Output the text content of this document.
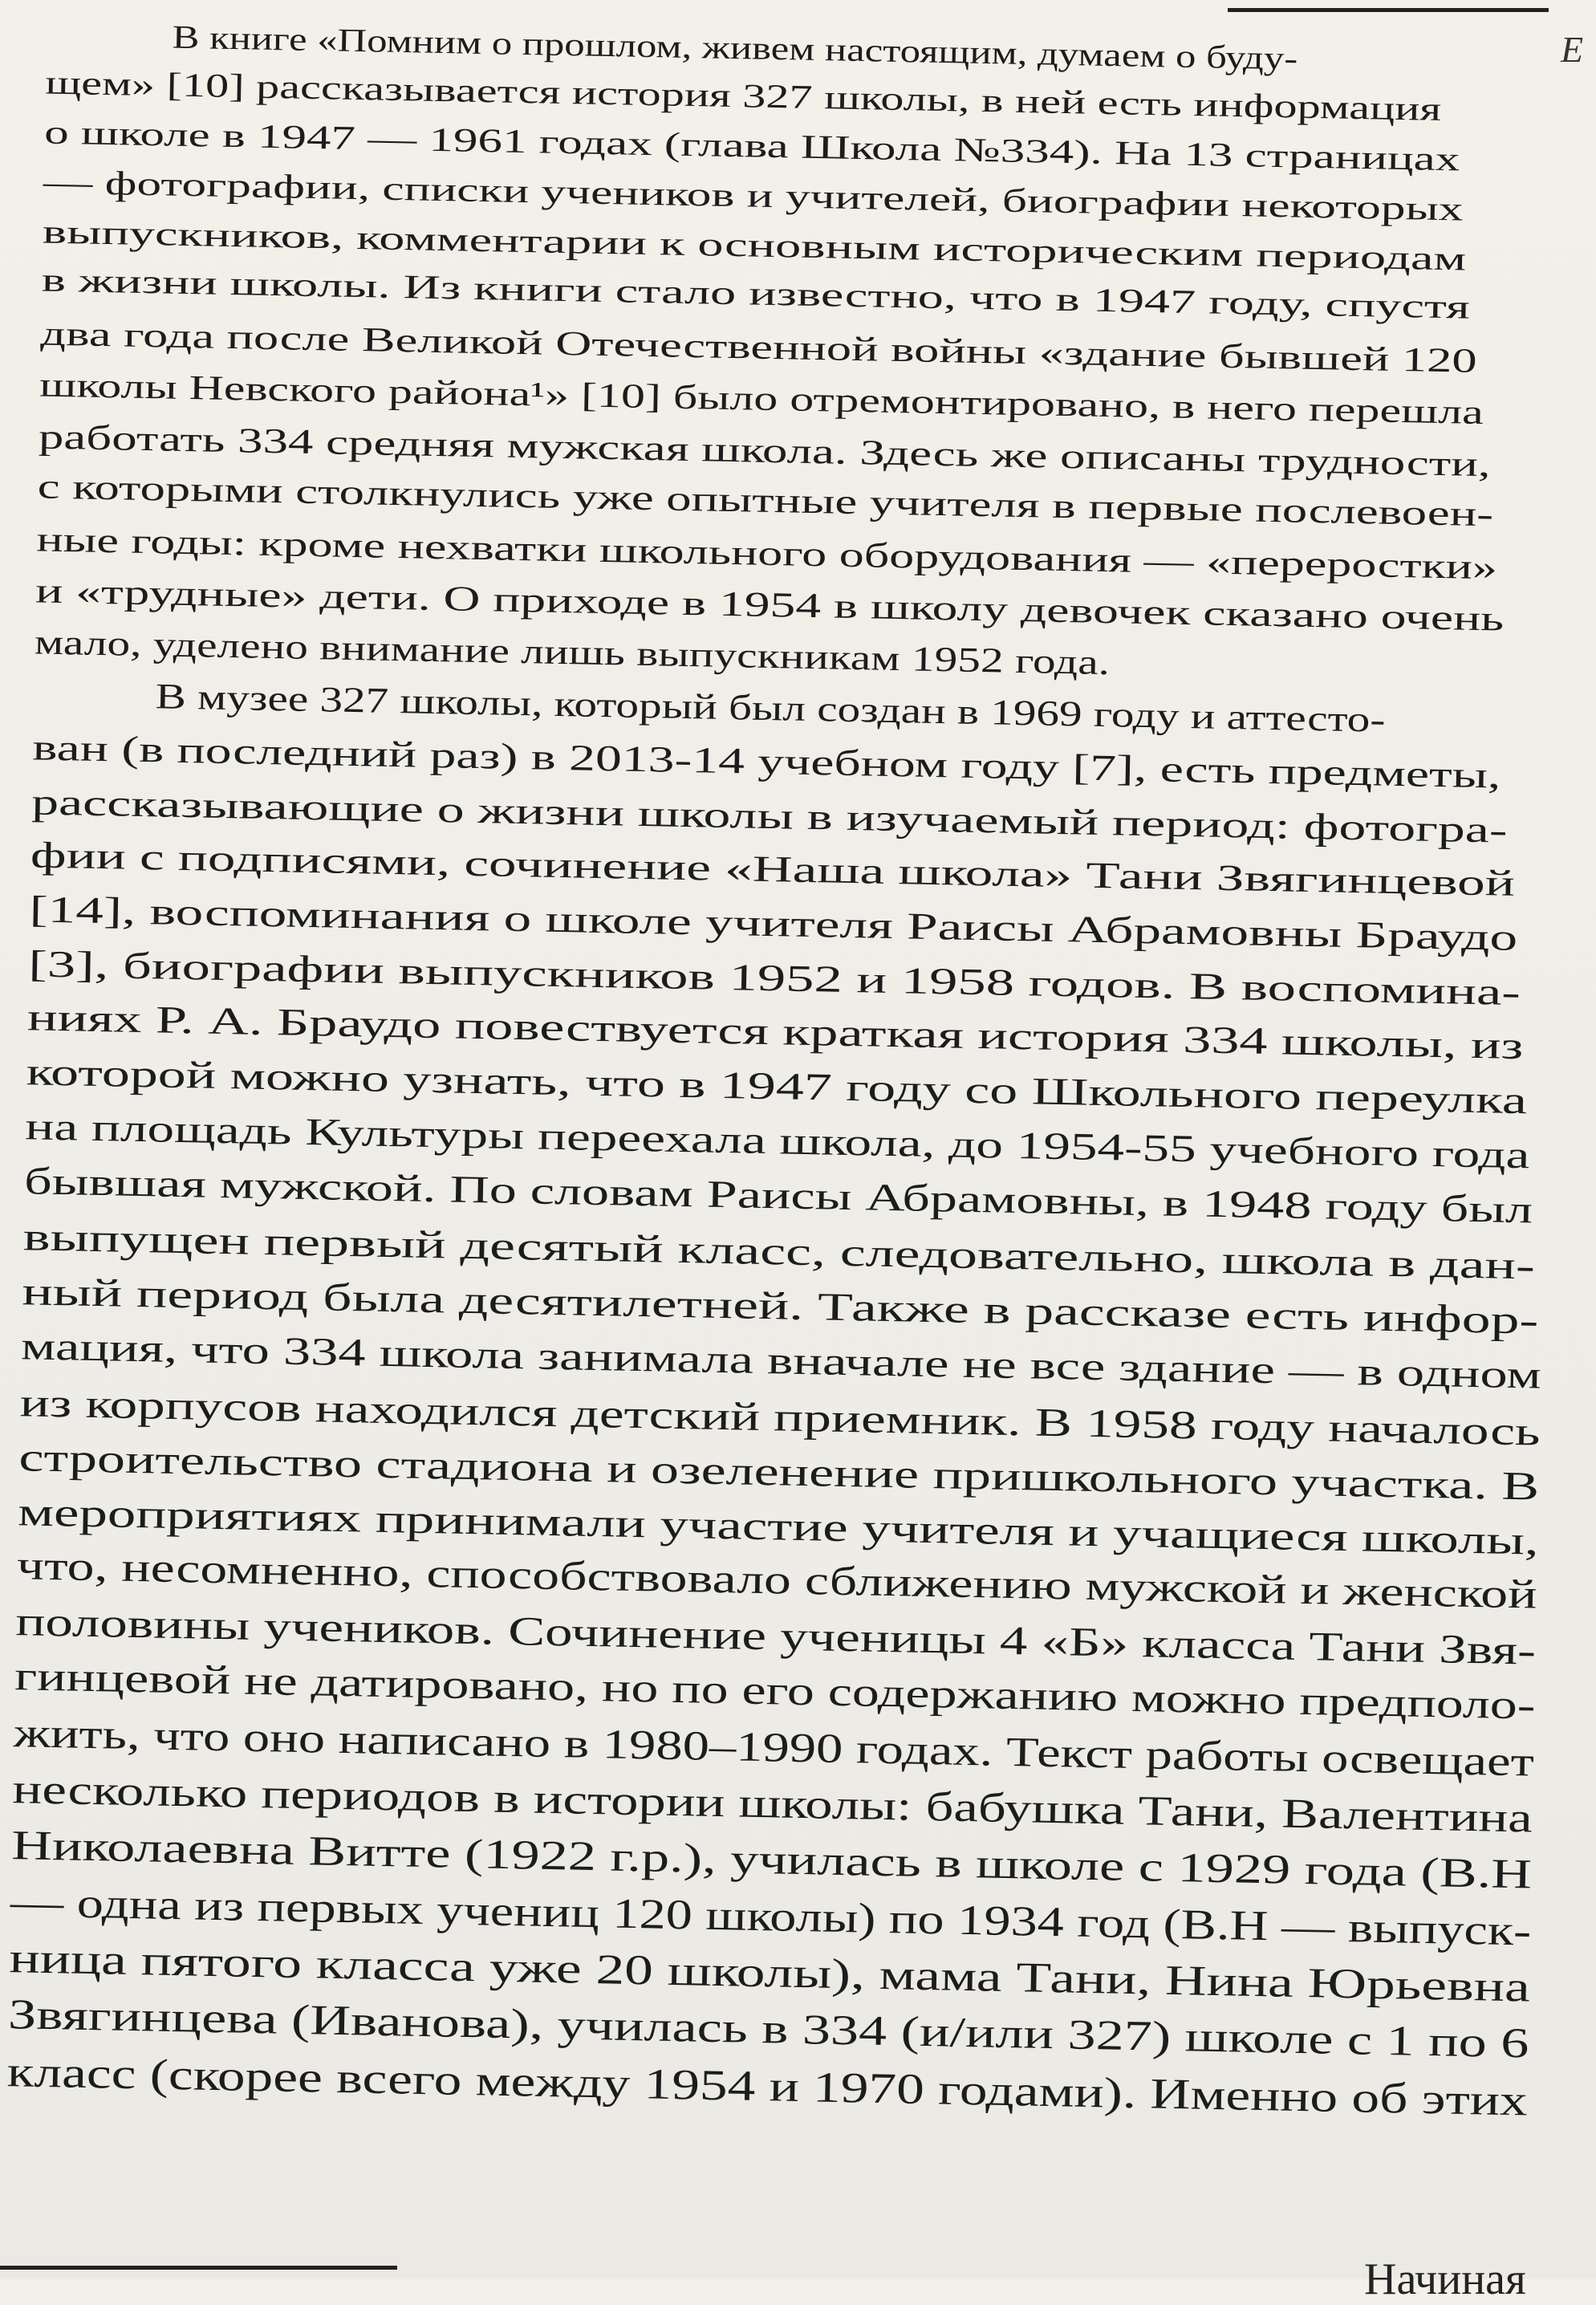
Е
В книге «Помним о прошлом, живем настоящим, думаем о буду-
щем» [10] рассказывается история 327 школы, в ней есть информация
о школе в 1947 — 1961 годах (глава Школа №334). На 13 страницах
— фотографии, списки учеников и учителей, биографии некоторых
выпускников, комментарии к основным историческим периодам
в жизни школы. Из книги стало известно, что в 1947 году, спустя
два года после Великой Отечественной войны «здание бывшей 120
школы Невского района¹» [10] было отремонтировано, в него перешла
работать 334 средняя мужская школа. Здесь же описаны трудности,
с которыми столкнулись уже опытные учителя в первые послевоен-
ные годы: кроме нехватки школьного оборудования — «переростки»
и «трудные» дети. О приходе в 1954 в школу девочек сказано очень
мало, уделено внимание лишь выпускникам 1952 года.
В музее 327 школы, который был создан в 1969 году и аттесто-
ван (в последний раз) в 2013-14 учебном году [7], есть предметы,
рассказывающие о жизни школы в изучаемый период: фотогра-
фии с подписями, сочинение «Наша школа» Тани Звягинцевой
[14], воспоминания о школе учителя Раисы Абрамовны Браудо
[3], биографии выпускников 1952 и 1958 годов. В воспомина-
ниях Р. А. Браудо повествуется краткая история 334 школы, из
которой можно узнать, что в 1947 году со Школьного переулка
на площадь Культуры переехала школа, до 1954-55 учебного года
бывшая мужской. По словам Раисы Абрамовны, в 1948 году был
выпущен первый десятый класс, следовательно, школа в дан-
ный период была десятилетней. Также в рассказе есть инфор-
мация, что 334 школа занимала вначале не все здание — в одном
из корпусов находился детский приемник. В 1958 году началось
строительство стадиона и озеленение пришкольного участка. В
мероприятиях принимали участие учителя и учащиеся школы,
что, несомненно, способствовало сближению мужской и женской
половины учеников. Сочинение ученицы 4 «Б» класса Тани Звя-
гинцевой не датировано, но по его содержанию можно предполо-
жить, что оно написано в 1980–1990 годах. Текст работы освещает
несколько периодов в истории школы: бабушка Тани, Валентина
Николаевна Витте (1922 г.р.), училась в школе с 1929 года (В.Н
— одна из первых учениц 120 школы) по 1934 год (В.Н — выпуск-
ница пятого класса уже 20 школы), мама Тани, Нина Юрьевна
Звягинцева (Иванова), училась в 334 (и/или 327) школе с 1 по 6
класс (скорее всего между 1954 и 1970 годами). Именно об этих
Начиная
